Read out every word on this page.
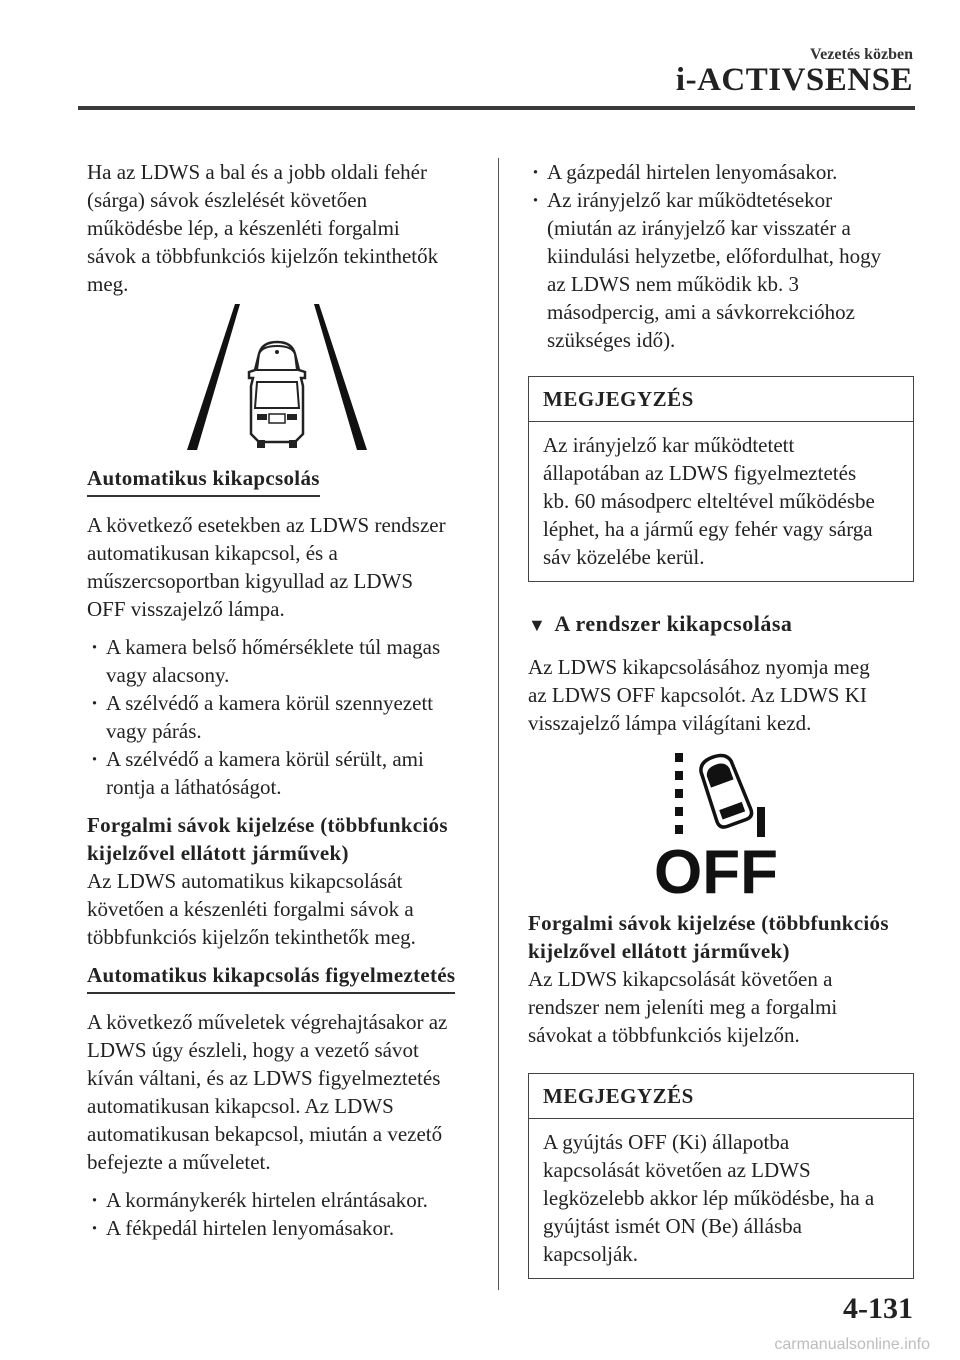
Vezetés közben
i-ACTIVSENSE

Ha az LDWS a bal és a jobb oldali fehér

(sárga) sávok észlelését követően

működésbe lép, a készenléti forgalmi

sávok a többfunkciós kijelzőn tekinthetők

meg.

Automatikus kikapcsolás

A következő esetekben az LDWS rendszer

automatikusan kikapcsol, és a

műszercsoportban kigyullad az LDWS

OFF visszajelző lámpa.

· A kamera belső hőmérséklete túl magas
vagy alacsony.
· A szélvédő a kamera körül szennyezett
vagy párás.
· A szélvédő a kamera körül sérült, ami
rontja a láthatóságot.
Forgalmi sávok kijelzése (többfunkciós
kijelzővel ellátott járművek)

Az LDWS automatikus kikapcsolását

követően a készenléti forgalmi sávok a

többfunkciós kijelzőn tekinthetők meg.

Automatikus kikapcsolás figyelmeztetés

A következő műveletek végrehajtásakor az

LDWS úgy észleli, hogy a vezető sávot

kíván váltani, és az LDWS figyelmeztetés

automatikusan kikapcsol. Az LDWS

automatikusan bekapcsol, miután a vezető

befejezte a műveletet.

· A kormánykerék hirtelen elrántásakor.
· A fékpedál hirtelen lenyomásakor.
· A gázpedál hirtelen lenyomásakor.
· Az irányjelző kar működtetésekor
(miután az irányjelző kar visszatér a
kiindulási helyzetbe, előfordulhat, hogy
az LDWS nem működik kb. 3
másodpercig, ami a sávkorrekcióhoz
szükséges idő).
MEGJEGYZÉS
Az irányjelző kar működtetett
állapotában az LDWS figyelmeztetés
kb. 60 másodperc elteltével működésbe
léphet, ha a jármű egy fehér vagy sárga
sáv közelébe kerül.
▼ A rendszer kikapcsolása

Az LDWS kikapcsolásához nyomja meg

az LDWS OFF kapcsolót. Az LDWS KI

visszajelző lámpa világítani kezd.

OFF
Forgalmi sávok kijelzése (többfunkciós
kijelzővel ellátott járművek)

Az LDWS kikapcsolását követően a

rendszer nem jeleníti meg a forgalmi

sávokat a többfunkciós kijelzőn.

MEGJEGYZÉS
A gyújtás OFF (Ki) állapotba
kapcsolását követően az LDWS
legközelebb akkor lép működésbe, ha a
gyújtást ismét ON (Be) állásba
kapcsolják.
4-131
carmanualsonline.info
